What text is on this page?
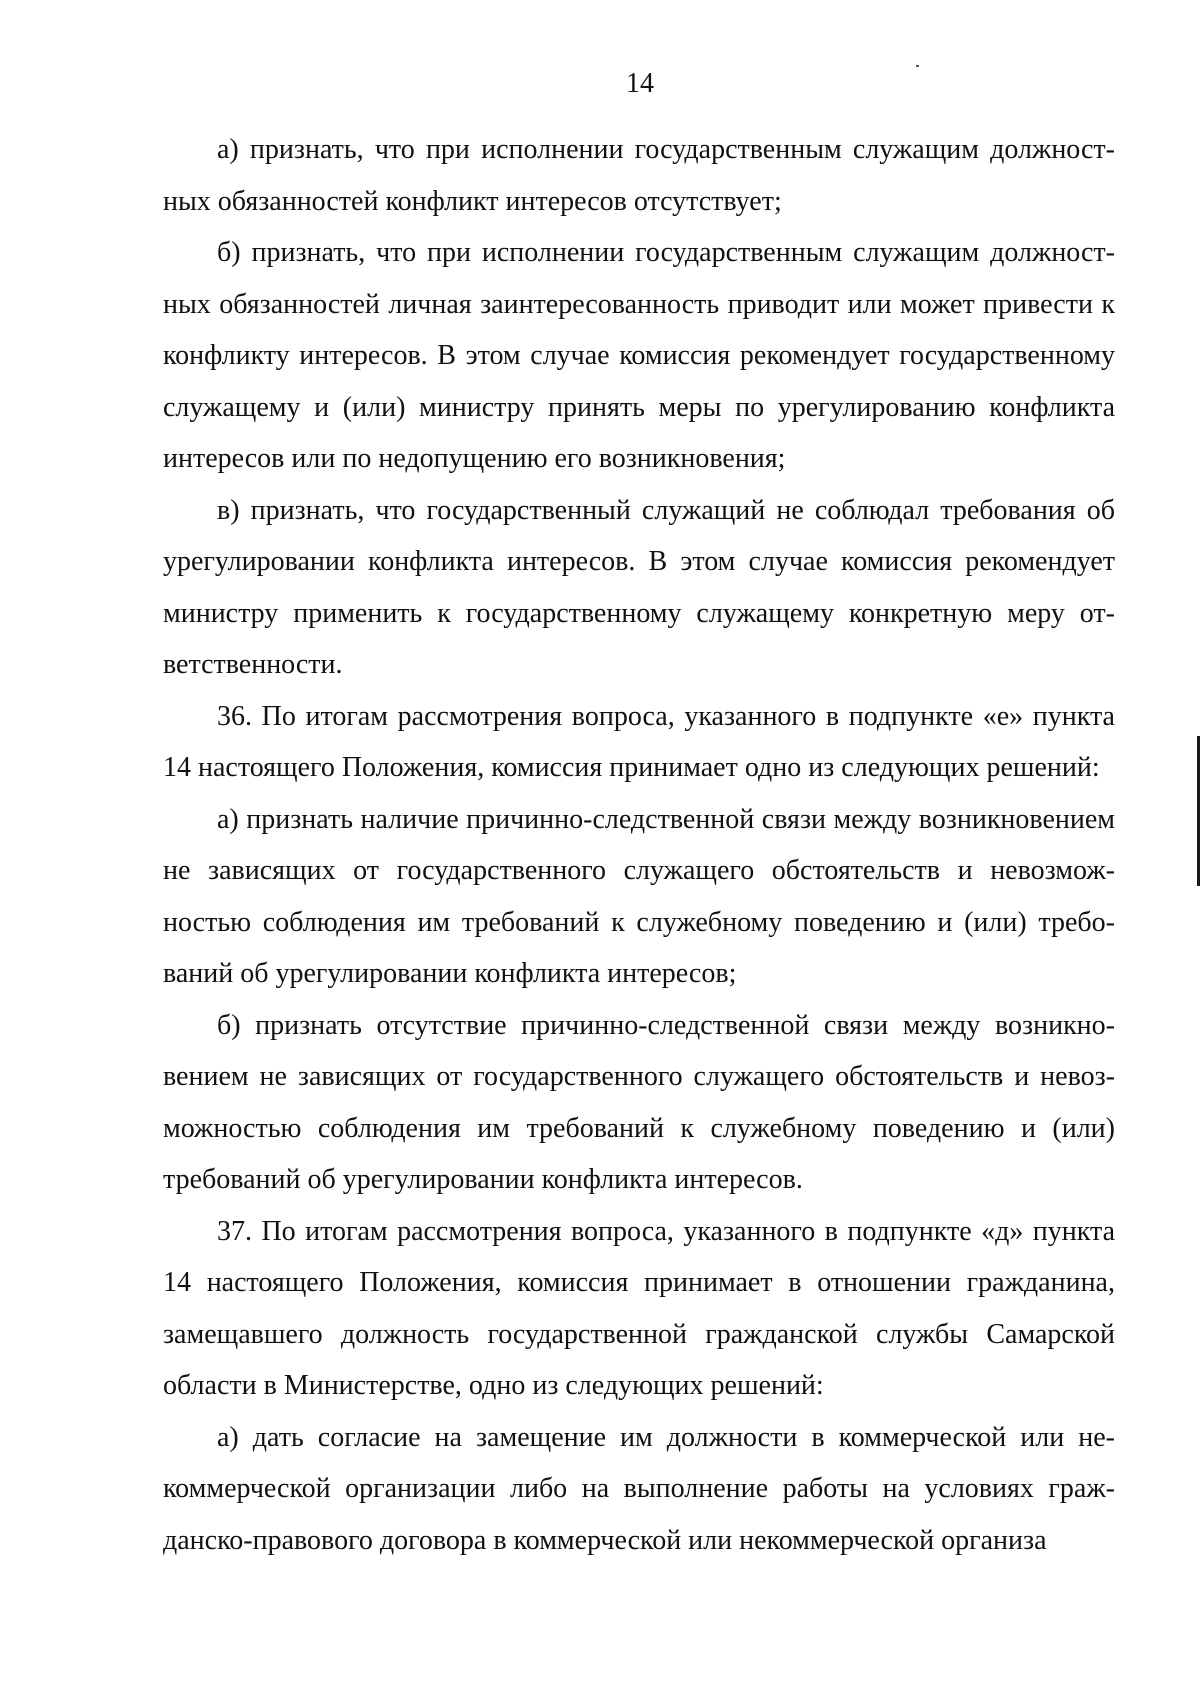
14

а) признать, что при исполнении государственным служащим должностных обязанностей конфликт интересов отсутствует;

б) признать, что при исполнении государственным служащим должностных обязанностей личная заинтересованность приводит или может привести к конфликту интересов. В этом случае комиссия рекомендует государственному служащему и (или) министру принять меры по урегулированию конфликта интересов или по недопущению его возникновения;

в) признать, что государственный служащий не соблюдал требования об урегулировании конфликта интересов. В этом случае комиссия рекомендует министру применить к государственному служащему конкретную меру ответственности.

36. По итогам рассмотрения вопроса, указанного в подпункте «е» пункта 14 настоящего Положения, комиссия принимает одно из следующих решений:

а) признать наличие причинно-следственной связи между возникновением не зависящих от государственного служащего обстоятельств и невозможностью соблюдения им требований к служебному поведению и (или) требований об урегулировании конфликта интересов;

б) признать отсутствие причинно-следственной связи между возникновением не зависящих от государственного служащего обстоятельств и невозможностью соблюдения им требований к служебному поведению и (или) требований об урегулировании конфликта интересов.

37. По итогам рассмотрения вопроса, указанного в подпункте «д» пункта 14 настоящего Положения, комиссия принимает в отношении гражданина, замещавшего должность государственной гражданской службы Самарской области в Министерстве, одно из следующих решений:

а) дать согласие на замещение им должности в коммерческой или некоммерческой организации либо на выполнение работы на условиях гражданско-правового договора в коммерческой или некоммерческой организа
